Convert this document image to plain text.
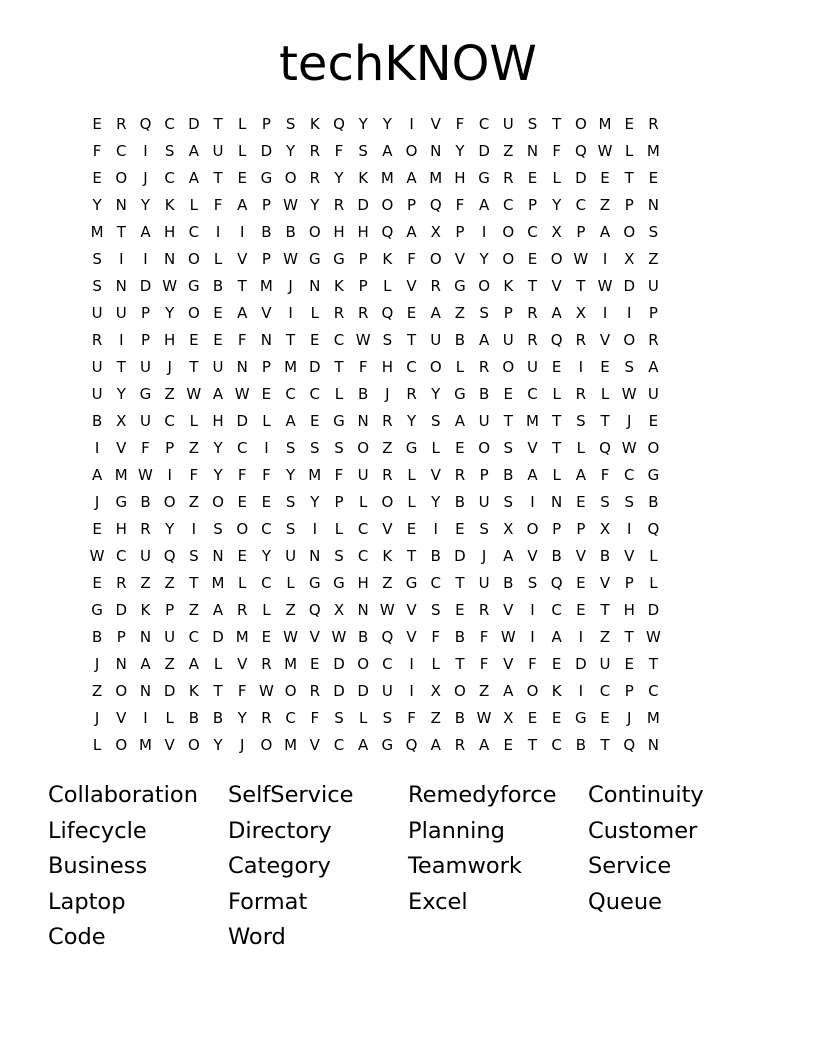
techKNOW
E R Q C D T	L	P S K Q Y	Y	I	V F C U S T O M E R
F C	I	S A U L D Y R F	S A O N Y D Z N F Q W L M
E O	J	C A T E G O R Y K M A M H G R E	L D E T E
Y N Y K	L	F A P W Y R D O P Q F A C P	Y C Z P N
M T A H C	I	I	B B O H H Q A X P	I	O C X P A O S
S	I	I	N O L V P W G G P K F O V Y O E O W I	X Z
S N D W G B T M	J	N K P	L V R G O K T V T W D U
U U P	Y O E A V	I	L R R Q E A Z S P R A X	I	I	P
R	I	P H E E	F N T E C W S T U B A U R Q R V O R
U T U	J	T U N P M D T	F H C O L R O U E	I	E S A
U Y G Z W A W E C C L B	J	R Y G B E C L R L W U
B X U C L H D L A E G N R Y S A U T M T S T	J	E
I	V F	P Z Y C	I	S S S O Z G L	E O S V T	L Q W O
A M W I	F	Y	F	F	Y M F U R L V R P B A L A F C G
J	G B O Z O E E S Y	P	L O L	Y B U S	I	N E S S B
E H R Y	I	S O C S	I	L C V E	I	E S X O P	P X	I	Q
W C U Q S N E Y U N S C K T B D	J	A V B V B V L
E R Z Z T M L C L G G H Z G C T U B S Q E V P	L
G D K P Z A R L Z Q X N W V S E R V	I	C E T H D
B P N U C D M E W V W B Q V F B F W I	A	I	Z T W
J	N A Z A L V R M E D O C	I	L	T	F V F	E D U E T
Z O N D K T	F W O R D D U	I	X O Z A O K	I	C P C
J	V	I	L B B Y R C F	S	L	S	F Z B W X E E G E	J	M
L O M V O Y	J	O M V C A G Q A R A E T C B T Q N
Collaboration	SelfService	Remedyforce	Continuity
Lifecycle	Directory	Planning	Customer
Business	Category	Teamwork	Service
Laptop	Format	Excel	Queue
Code	Word
